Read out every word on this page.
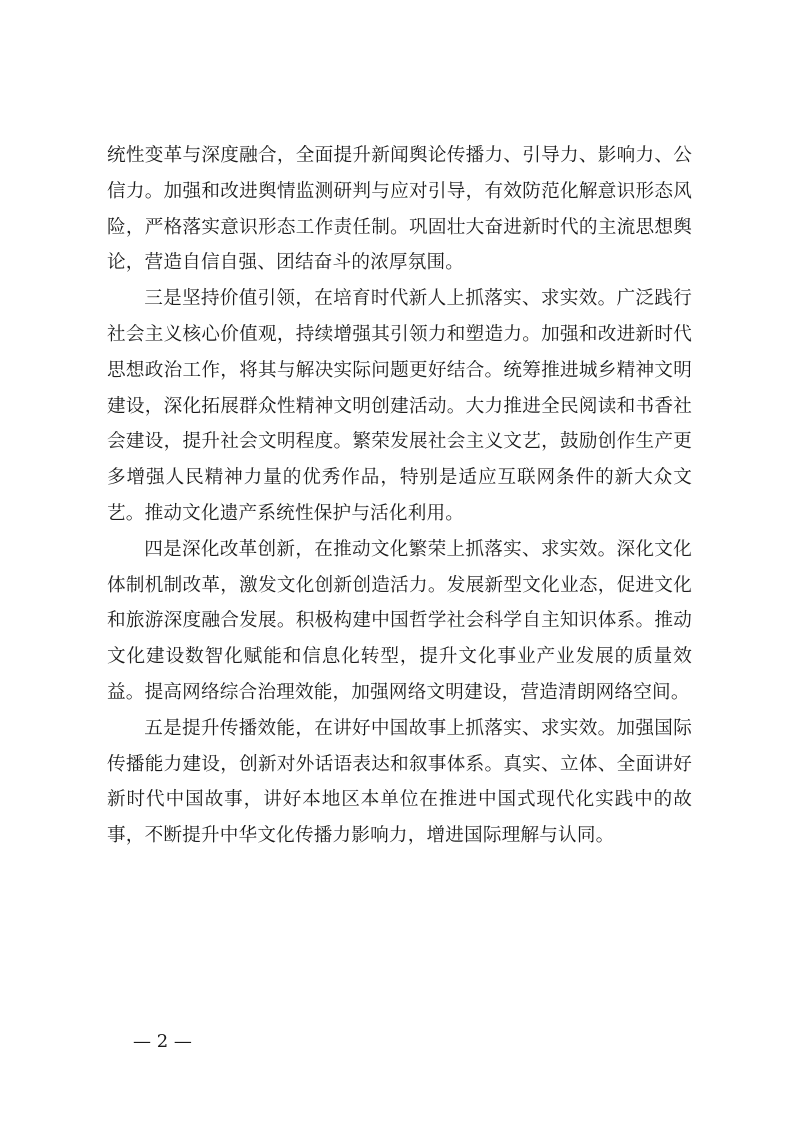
统性变革与深度融合，全面提升新闻舆论传播力、引导力、影响力、公信力。加强和改进舆情监测研判与应对引导，有效防范化解意识形态风险，严格落实意识形态工作责任制。巩固壮大奋进新时代的主流思想舆论，营造自信自强、团结奋斗的浓厚氛围。

三是坚持价值引领，在培育时代新人上抓落实、求实效。广泛践行社会主义核心价值观，持续增强其引领力和塑造力。加强和改进新时代思想政治工作，将其与解决实际问题更好结合。统筹推进城乡精神文明建设，深化拓展群众性精神文明创建活动。大力推进全民阅读和书香社会建设，提升社会文明程度。繁荣发展社会主义文艺，鼓励创作生产更多增强人民精神力量的优秀作品，特别是适应互联网条件的新大众文艺。推动文化遗产系统性保护与活化利用。

四是深化改革创新，在推动文化繁荣上抓落实、求实效。深化文化体制机制改革，激发文化创新创造活力。发展新型文化业态，促进文化和旅游深度融合发展。积极构建中国哲学社会科学自主知识体系。推动文化建设数智化赋能和信息化转型，提升文化事业产业发展的质量效益。提高网络综合治理效能，加强网络文明建设，营造清朗网络空间。

五是提升传播效能，在讲好中国故事上抓落实、求实效。加强国际传播能力建设，创新对外话语表达和叙事体系。真实、立体、全面讲好新时代中国故事，讲好本地区本单位在推进中国式现代化实践中的故事，不断提升中华文化传播力影响力，增进国际理解与认同。

— 2 —
